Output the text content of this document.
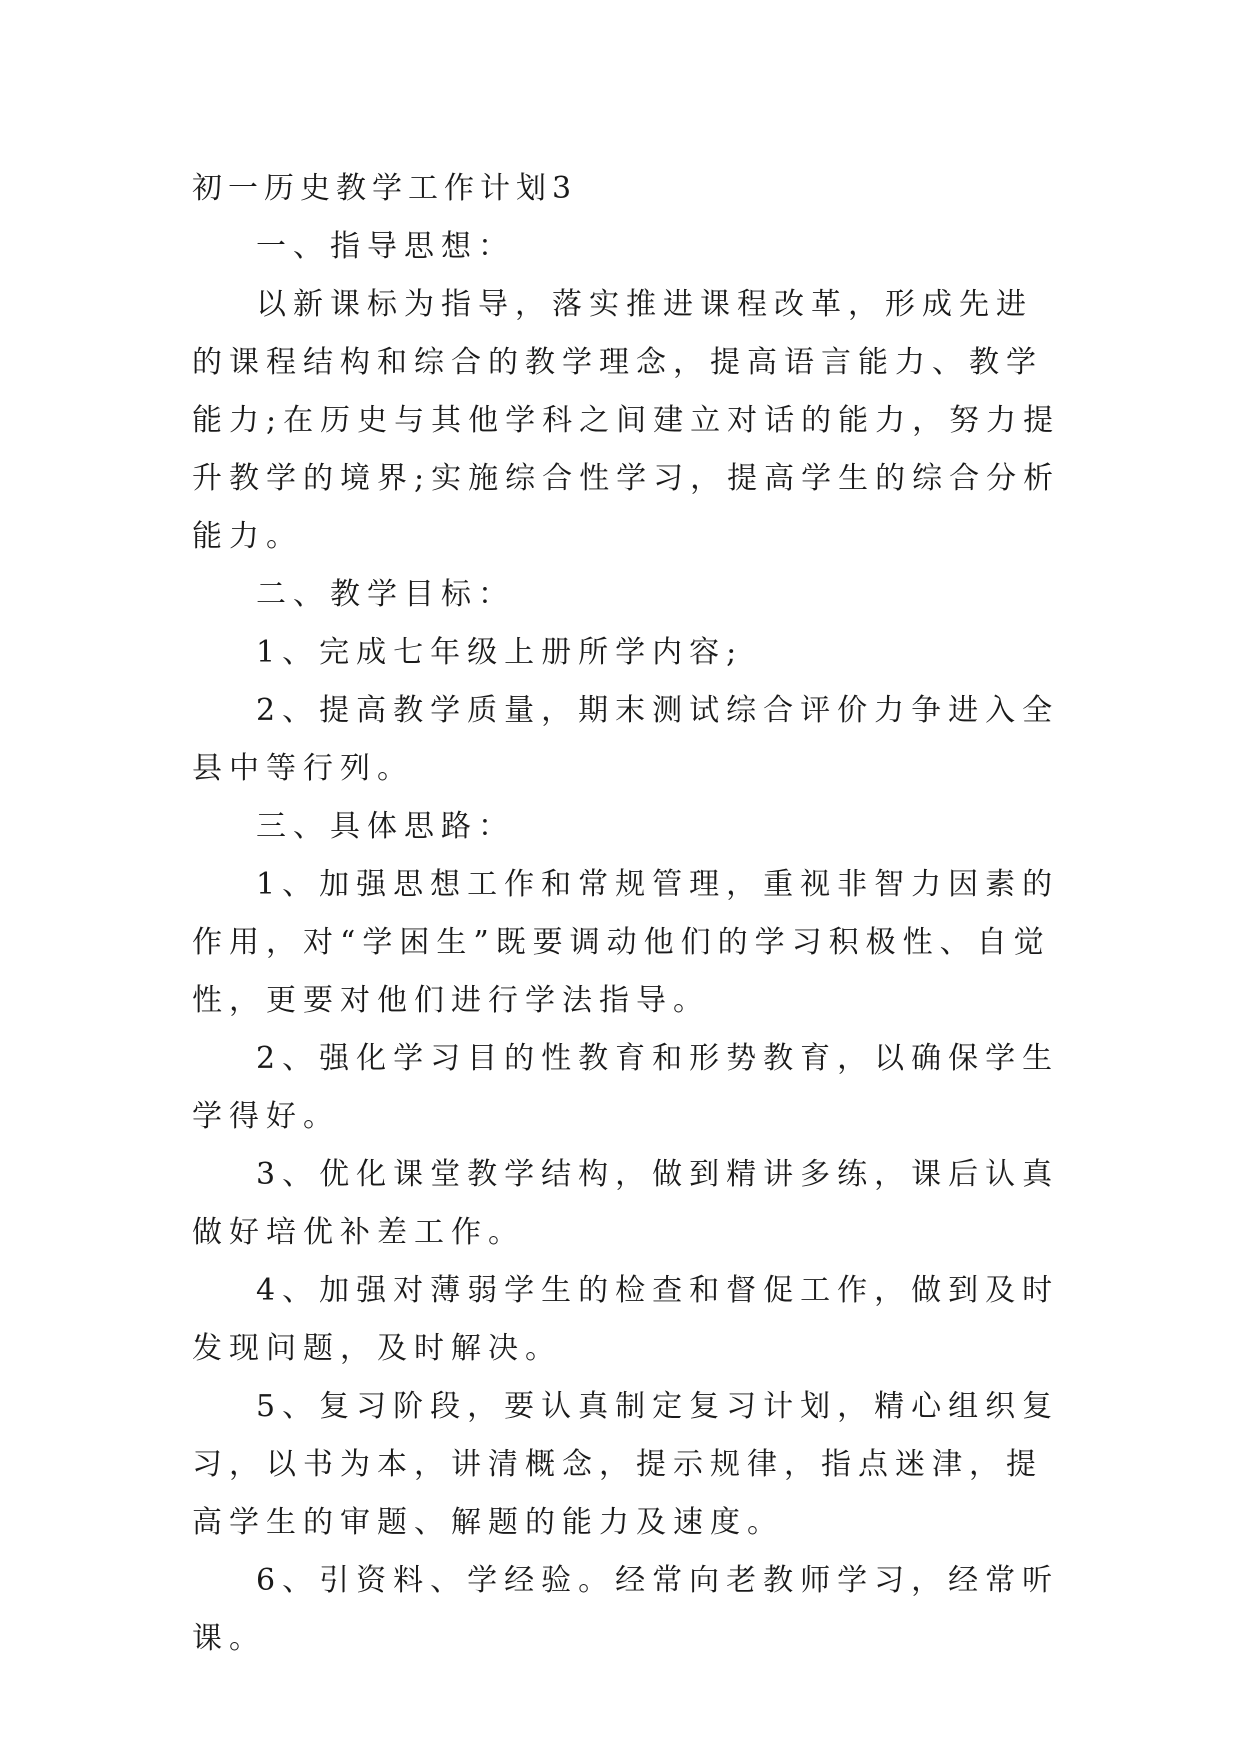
初一历史教学工作计划3

一、指导思想：

以新课标为指导，落实推进课程改革，形成先进的课程结构和综合的教学理念，提高语言能力、教学能力;在历史与其他学科之间建立对话的能力，努力提升教学的境界;实施综合性学习，提高学生的综合分析能力。

二、教学目标：

1、完成七年级上册所学内容;

2、提高教学质量，期末测试综合评价力争进入全县中等行列。

三、具体思路：

1、加强思想工作和常规管理，重视非智力因素的作用，对“学困生”既要调动他们的学习积极性、自觉性，更要对他们进行学法指导。

2、强化学习目的性教育和形势教育，以确保学生学得好。

3、优化课堂教学结构，做到精讲多练，课后认真做好培优补差工作。

4、加强对薄弱学生的检查和督促工作，做到及时发现问题，及时解决。

5、复习阶段，要认真制定复习计划，精心组织复习，以书为本，讲清概念，提示规律，指点迷津，提高学生的审题、解题的能力及速度。

6、引资料、学经验。经常向老教师学习，经常听课。
